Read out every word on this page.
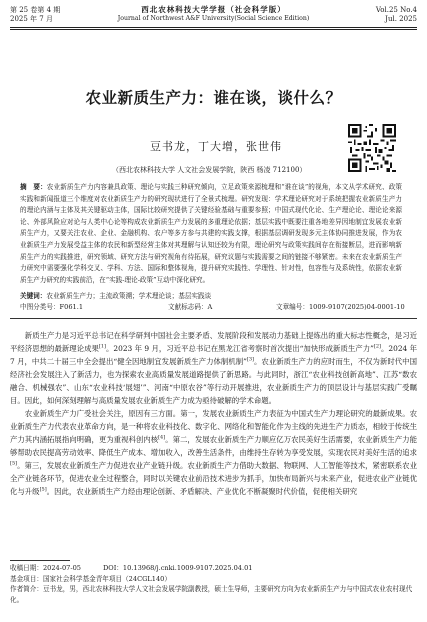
第 25 卷第 4 期
2025 年 7 月
西北农林科技大学学报（社会科学版）
Journal of Northwest A&F University(Social Science Edition)
Vol.25 No.4
Jul. 2025
农业新质生产力：谁在谈，谈什么？
豆书龙，丁大增，张世伟
（西北农林科技大学 人文社会发展学院，陕西 杨凌 712100）
摘　要：农业新质生产力内容兼具政策、理论与实践三种研究倾向，立足政策来源梳理和“谁在谈”的视角，本文从学术研究、政策实践和新闻报道三个维度对农业新质生产力的研究现状进行了全景式梳理。研究发现：学术理论研究对于系统把握农业新质生产力的理论内涵与主体及其关键驱动主体，国际比较研究提供了关键经验基础与重要参照；中国式现代化论、生产理论论、理论论来源论、外部风险应对论与人类中心论等构成农业新质生产力发展的多重理论依据；基层实践中既要注重各地差异因地制宜发展农业新质生产力，又要关注农业、企业、金融机构、农户等多方参与共建的实践支撑，根据基层调研发现多元主体协同推进发展，作为农业新质生产力发展受益主体的农民和新型经营主体对其理解与认知还较为有限，理论研究与政策实践间存在衔接断层，进而影响新质生产力的实践推进，研究领域、研究方法与研究视角有待拓展，研究议题与实践需要之间的链接不够紧密。未来在农业新质生产力研究中需要强化学科交叉、学科、方法、国际和整体视角，提升研究实践性、学理性、针对性，包容性与及系统性，依据农业新质生产力研究的实践前沿，在“实践-理论-政策”互动中深化研究。
关键词：农业新质生产力；主流政策溯；学术理论谈；基层实践谈
中图分类号：F061.1	文献标志码：A	文章编号：1009-9107(2025)04-0001-10

新质生产力是习近平总书记在科学研判中国社会主要矛盾、发展阶段和发展动力基础上提炼出的重大标志性概念，是习近平经济思想的最新理论成果[1]。2023 年 9 月，习近平总书记在黑龙江省考察时首次提出“加快形成新质生产力”[2]。2024 年 7 月，中共二十届三中全会提出“健全因地制宜发展新质生产力体制机制”[3]。农业新质生产力的应时而生，不仅为新时代中国经济社会发展注入了新活力，也为探索农业高质量发展道路提供了新思路。与此同时，浙江“农业科技创新高地”、江苏“数农融合、机械强农”、山东“农业科技‘展翅’”、河南“中原农谷”等行动开展推进，农业新质生产力的顶层设计与基层实践广受瞩目。因此，如何深刻理解与高质量发展农业新质生产力成为亟待破解的学术命题。

农业新质生产力广受社会关注，原因有三方面。第一，发展农业新质生产力表征为中国式生产力理论研究的最新成果。农业新质生产力代表农业革命方向，是一种将农业科技化、数字化、网络化和智能化作为主线的先进生产力质态，相较于传统生产力其内涵拓展指向明确，更为重视科创内核[4]。第二，发展农业新质生产力顺应亿万农民美好生活需要，农业新质生产力能够帮助农民提高劳动效率、降低生产成本、增加收入，改善生活条件，由维持生存转为享受发展，实现农民对美好生活的追求[5]。第三，发展农业新质生产力促进农业产业链升级。农业新质生产力借助大数据、物联网、人工智能等技术，紧密联系农业全产业链各环节，促进农业全过程整合，同时以关键农业前沿技术进步为抓手，加快布局新兴与未来产业，促进农业产业链优化与升级[5]。因此，农业新质生产力经由理论创新、矛盾解决、产业优化不断凝聚时代价值，促使相关研究

收稿日期：2024-07-05	DOI：10.13968/j.cnki.1009-9107.2025.04.01

基金项目：国家社会科学基金青年项目（24CGL140）

作者简介：豆书龙，男，西北农林科技大学人文社会发展学院副教授，硕士生导师，主要研究方向为农业新质生产力与中国式农业农村现代化。
